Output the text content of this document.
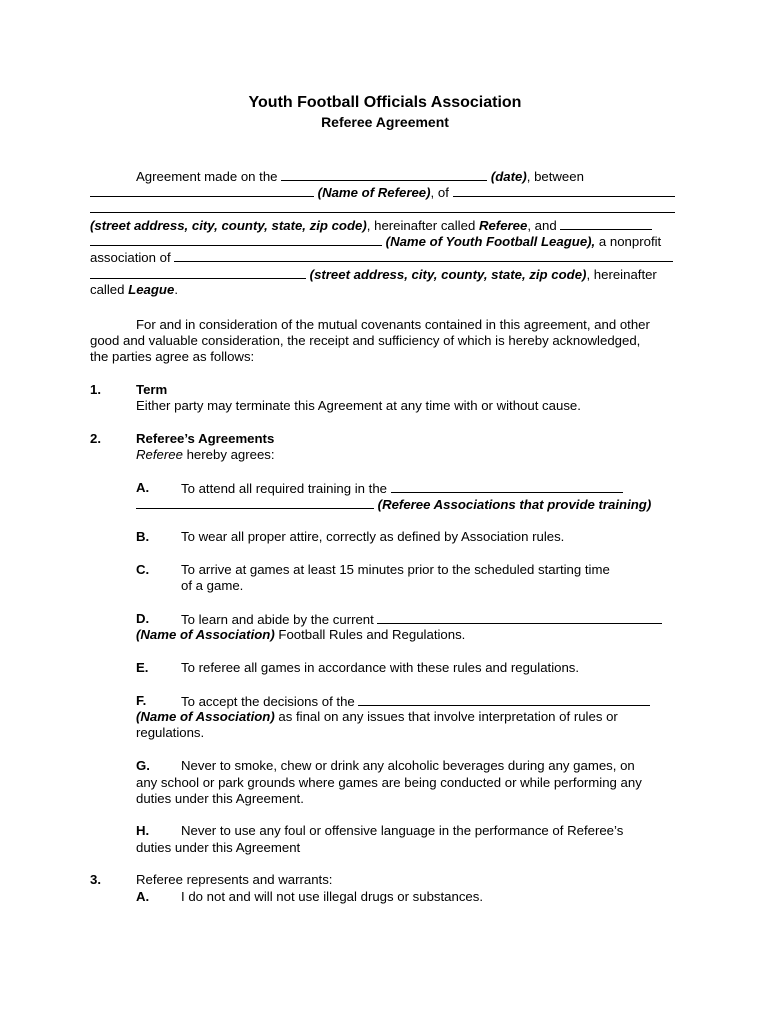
Youth Football Officials Association
Referee Agreement
Agreement made on the	(date), between
(Name of Referee), of
(street address, city, county, state, zip code), hereinafter called Referee, and
(Name of Youth Football League), a nonprofit
association of
(street address, city, county, state, zip code), hereinafter
called League.
For and in consideration of the mutual covenants contained in this agreement, and other
good and valuable consideration, the receipt and sufficiency of which is hereby acknowledged,
the parties agree as follows:
1.	Term
Either party may terminate this Agreement at any time with or without cause.
2.	Referee’s Agreements
Referee hereby agrees:
A. To attend all required training in the
(Referee Associations that provide training)
B. To wear all proper attire, correctly as defined by Association rules.
C. To arrive at games at least 15 minutes prior to the scheduled starting time
of a game.
D. To learn and abide by the current
(Name of Association) Football Rules and Regulations.
E. To referee all games in accordance with these rules and regulations.
F.	To accept the decisions of the
(Name of Association) as final on any issues that involve interpretation of rules or
regulations.
G. Never to smoke, chew or drink any alcoholic beverages during any games, on
any school or park grounds where games are being conducted or while performing any
duties under this Agreement.
H. Never to use any foul or offensive language in the performance of Referee’s
duties under this Agreement
3.	Referee represents and warrants:
A. I do not and will not use illegal drugs or substances.
